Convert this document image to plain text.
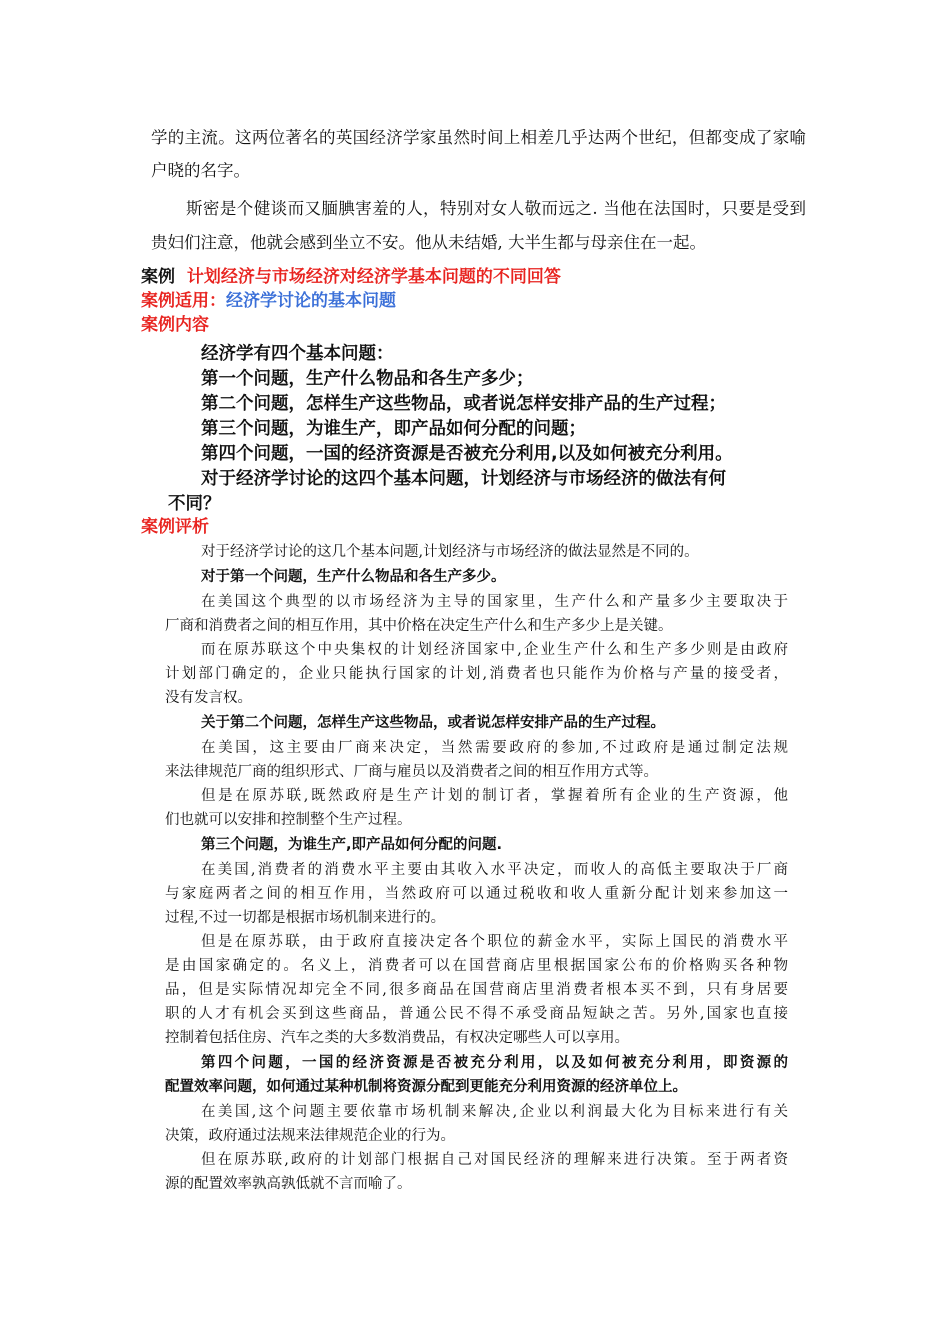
学的主流。这两位著名的英国经济学家虽然时间上相差几乎达两个世纪，但都变成了家喻
户晓的名字。
斯密是个健谈而又腼腆害羞的人，特别对女人敬而远之. 当他在法国时，只要是受到
贵妇们注意，他就会感到坐立不安。他从未结婚, 大半生都与母亲住在一起。
案例 计划经济与市场经济对经济学基本问题的不同回答
案例适用：经济学讨论的基本问题
案例内容
经济学有四个基本问题：
第一个问题，生产什么物品和各生产多少；
第二个问题，怎样生产这些物品，或者说怎样安排产品的生产过程；
第三个问题，为谁生产，即产品如何分配的问题；
第四个问题，一国的经济资源是否被充分利用,以及如何被充分利用。
对于经济学讨论的这四个基本问题，计划经济与市场经济的做法有何
不同？
案例评析
对于经济学讨论的这几个基本问题,计划经济与市场经济的做法显然是不同的。
对于第一个问题，生产什么物品和各生产多少。
在美国这个典型的以市场经济为主导的国家里，生产什么和产量多少主要取决于
厂商和消费者之间的相互作用，其中价格在决定生产什么和生产多少上是关键。
而在原苏联这个中央集权的计划经济国家中,企业生产什么和生产多少则是由政府
计划部门确定的，企业只能执行国家的计划,消费者也只能作为价格与产量的接受者，
没有发言权。
关于第二个问题，怎样生产这些物品，或者说怎样安排产品的生产过程。
在美国，这主要由厂商来决定，当然需要政府的参加,不过政府是通过制定法规
来法律规范厂商的组织形式、厂商与雇员以及消费者之间的相互作用方式等。
但是在原苏联,既然政府是生产计划的制订者，掌握着所有企业的生产资源，他
们也就可以安排和控制整个生产过程。
第三个问题，为谁生产,即产品如何分配的问题.
在美国,消费者的消费水平主要由其收入水平决定，而收人的高低主要取决于厂商
与家庭两者之间的相互作用，当然政府可以通过税收和收人重新分配计划来参加这一
过程,不过一切都是根据市场机制来进行的。
但是在原苏联，由于政府直接决定各个职位的薪金水平，实际上国民的消费水平
是由国家确定的。名义上，消费者可以在国营商店里根据国家公布的价格购买各种物
品，但是实际情况却完全不同,很多商品在国营商店里消费者根本买不到，只有身居要
职的人才有机会买到这些商品，普通公民不得不承受商品短缺之苦。另外,国家也直接
控制着包括住房、汽车之类的大多数消费品，有权决定哪些人可以享用。
第四个问题，一国的经济资源是否被充分利用，以及如何被充分利用，即资源的
配置效率问题，如何通过某种机制将资源分配到更能充分利用资源的经济单位上。
在美国,这个问题主要依靠市场机制来解决,企业以利润最大化为目标来进行有关
决策，政府通过法规来法律规范企业的行为。
但在原苏联,政府的计划部门根据自己对国民经济的理解来进行决策。至于两者资
源的配置效率孰高孰低就不言而喻了。
